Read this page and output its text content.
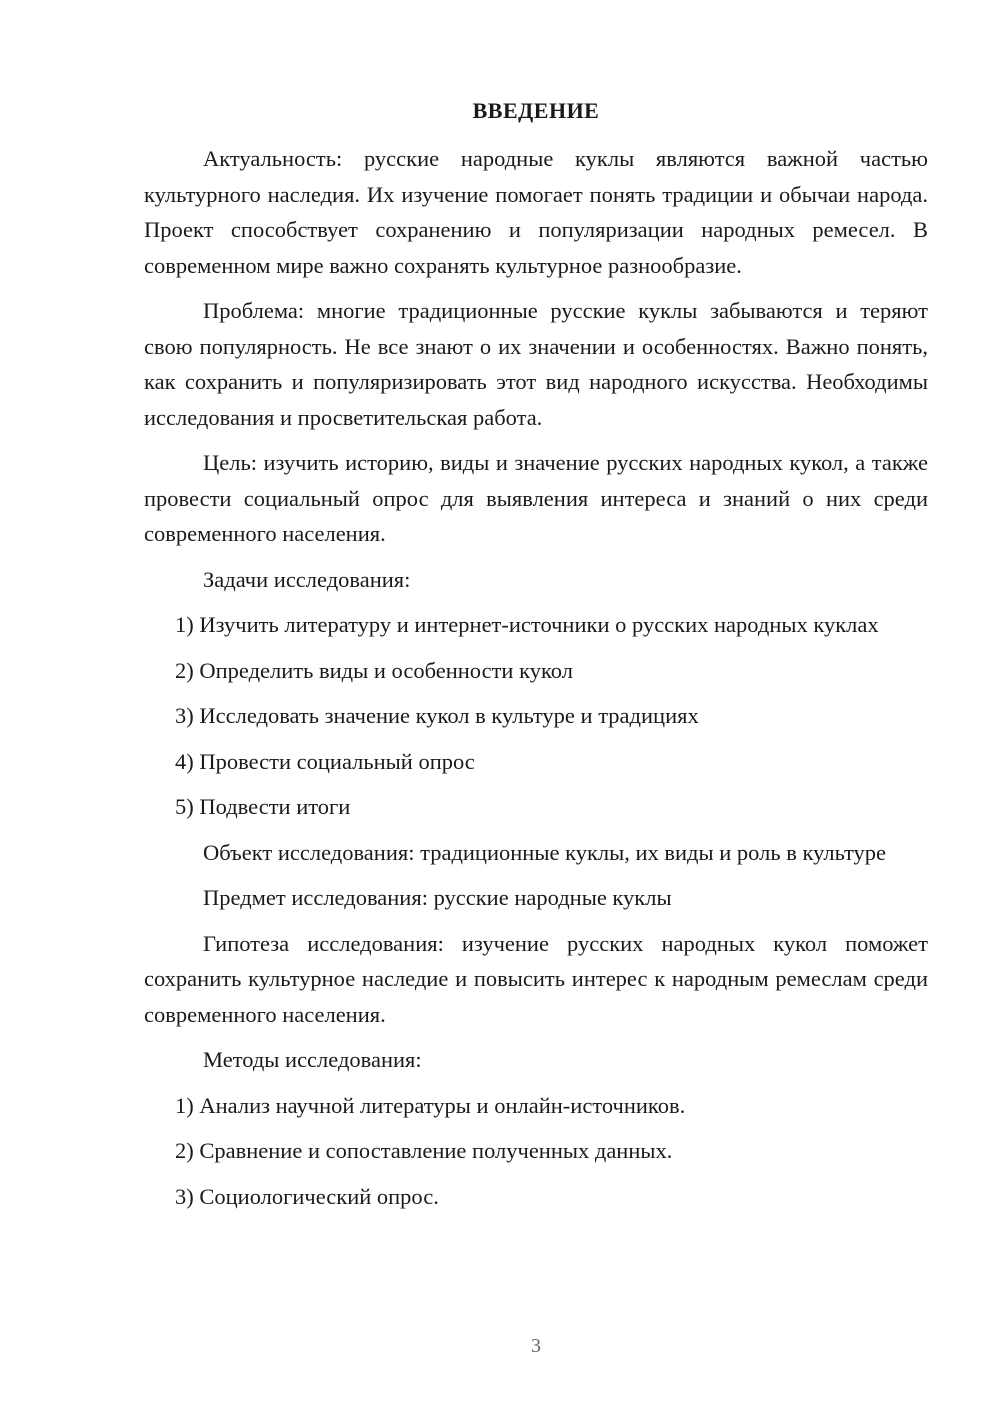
ВВЕДЕНИЕ

Актуальность: русские народные куклы являются важной частью культурного наследия. Их изучение помогает понять традиции и обычаи народа. Проект способствует сохранению и популяризации народных ремесел. В современном мире важно сохранять культурное разнообразие.

Проблема: многие традиционные русские куклы забываются и теряют свою популярность. Не все знают о их значении и особенностях. Важно понять, как сохранить и популяризировать этот вид народного искусства. Необходимы исследования и просветительская работа.

Цель: изучить историю, виды и значение русских народных кукол, а также провести социальный опрос для выявления интереса и знаний о них среди современного населения.

Задачи исследования:

1) Изучить литературу и интернет-источники о русских народных куклах

2) Определить виды и особенности кукол

3) Исследовать значение кукол в культуре и традициях

4) Провести социальный опрос

5) Подвести итоги

Объект исследования: традиционные куклы, их виды и роль в культуре

Предмет исследования: русские народные куклы

Гипотеза исследования: изучение русских народных кукол поможет сохранить культурное наследие и повысить интерес к народным ремеслам среди современного населения.

Методы исследования:

1) Анализ научной литературы и онлайн-источников.

2) Сравнение и сопоставление полученных данных.

3) Социологический опрос.

3
